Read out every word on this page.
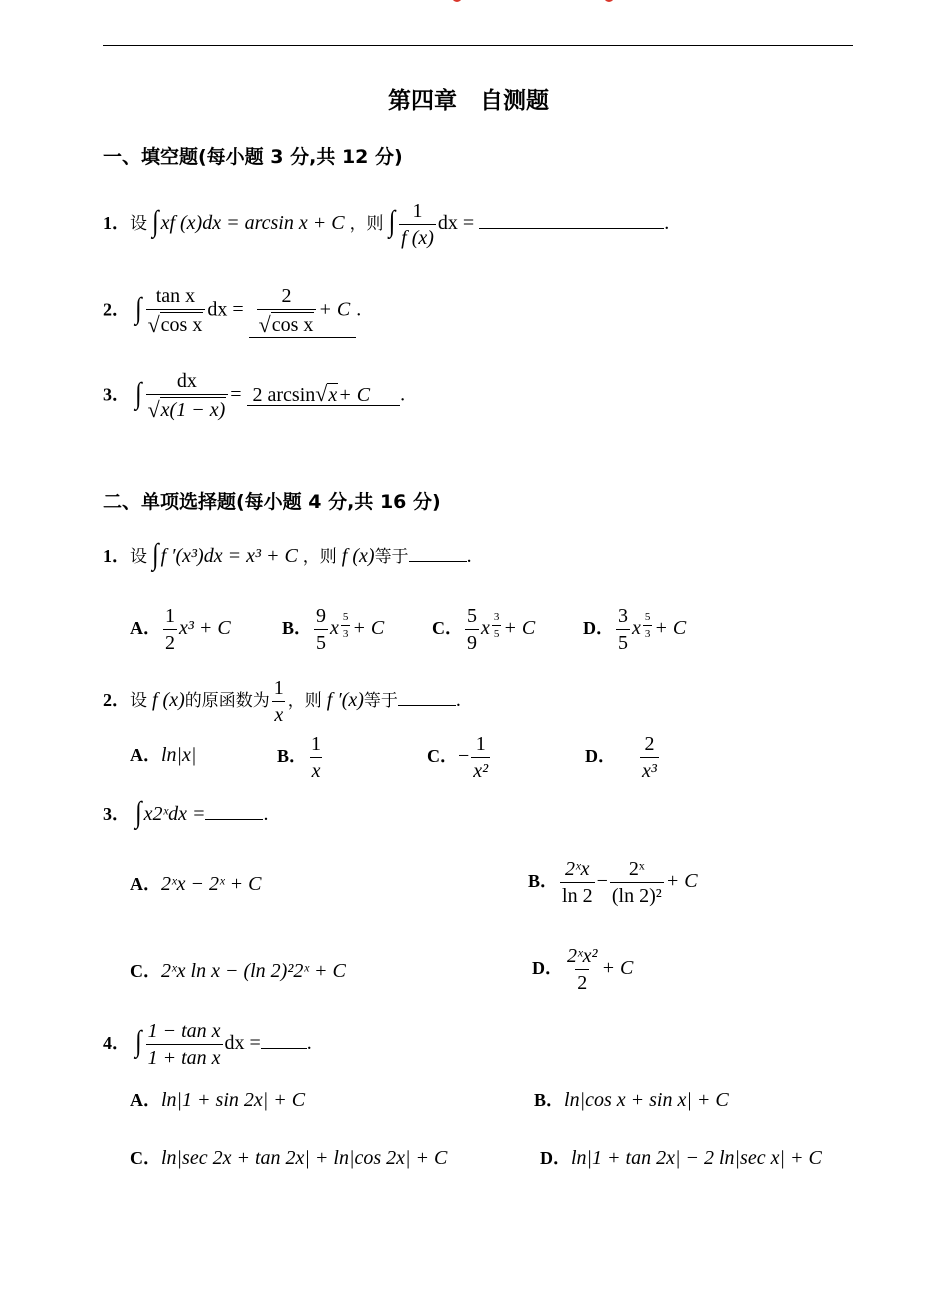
第四章　自测题
一、填空题(每小题 3 分,共 12 分)
1．设 ∫ xf (x)dx = arcsin x + C ，则 ∫ $\frac{1}{f (x)}$ dx =	.
2． ∫ $\frac{\text{tan x}}{\text{√ cos x}}$ dx = $\frac{2}{\text{√ cos x}} + C$ .
3． ∫ $\frac{dx}{√ x(1 - x)} = 2$ arcsin √ x + C .
二、单项选择题(每小题 4 分,共 16 分)
1．设 ∫ f ′(x³)dx = x³ + C ，则 f (x)等于	.
A． $\frac{1}{2} x^3 + C$	B． $\frac{9}{5}$ x $\frac{5}{3} + C$	C． $\frac{5}{9}$ x $\frac{3}{5} + C$	D． $\frac{3}{5}$ x $\frac{5}{3} + C$
2．设 f (x)的原函数为 $\frac{1}{x}$ ，则 f ′(x)等于	.
A．ln|x|	B． $\frac{1}{x}$	C．− $\frac{1}{\text{x²}}$	D． $\frac{2}{\text{x³}}$
3． ∫ x2ˣdx =	.
A．2ˣx − 2ˣ + C	B． $\frac{\text{2ˣx}}{\ln 2} - \frac{\text{2ˣ}}{\text{(ln 2)²}} + C$
C．2ˣx ln x − (ln 2)²2ˣ + C	D． $\frac{\text{2ˣx²}}{2} + C$
4． ∫ $\frac{\text{1 − tan x}}{\text{1 + tan x}}$ dx = .
A．ln|1 + sin 2x| + C	B．ln|cos x + sin x| + C
C．ln|sec 2x + tan 2x| + ln|cos 2x| + C	D．ln|1 + tan 2x| − 2 ln|sec x| + C
